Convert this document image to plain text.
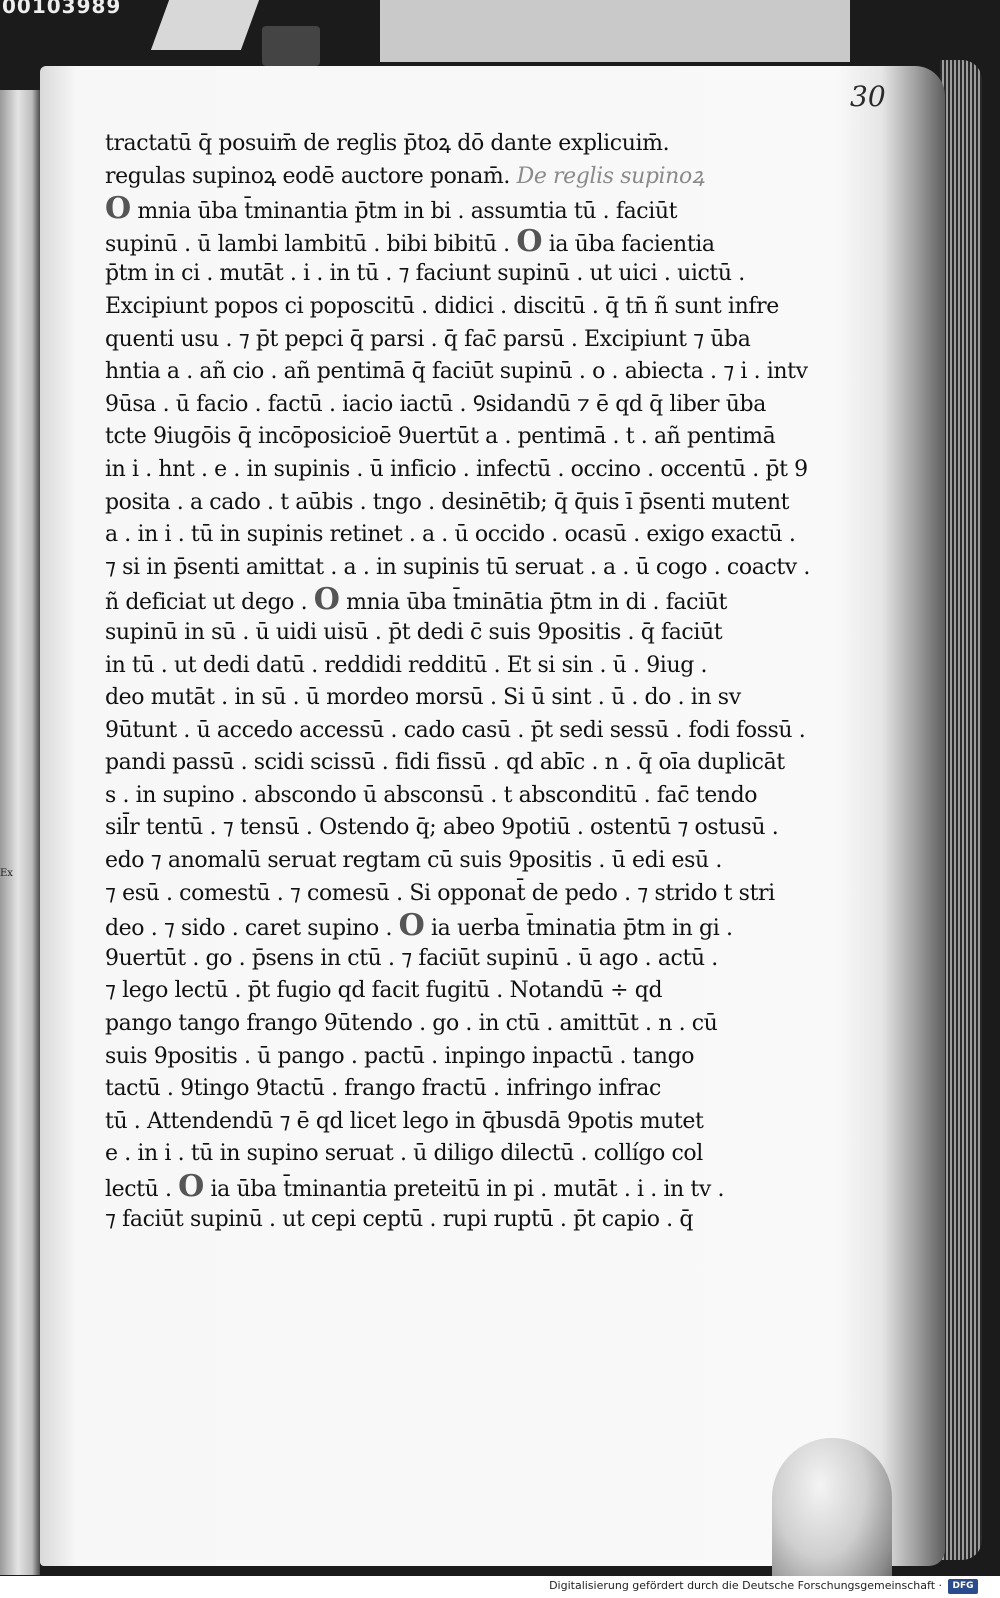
00103989
Ex
30
tractatū q̄ posuim̄ de reglis p̄toꝝ dō dante explicuim̄.
regulas supinoꝝ eodē auctore ponam̄. De reglis supinoꝝ
O mnia ūba t̄minantia p̄tm in bi . assumtia tū . faciūt
supinū . ū lambi lambitū . bibi bibitū . O ia ūba facientia
p̄tm in ci . mutāt . i . in tū . ⁊ faciunt supinū . ut uici . uictū .
Excipiunt popos ci poposcitū . didici . discitū . q̄ tn̄ ñ sunt infre
quenti usu . ⁊ p̄t pepci q̄ parsi . q̄ fac̄ parsū . Excipiunt ⁊ ūba
hntia a . añ cio . añ pentimā q̄ faciūt supinū . o . abiecta . ⁊ i . intv
9ūsa . ū facio . factū . iacio iactū . Ꝯsidandū ⁊ ē qd q̄ liber ūba
tcte 9iugōis q̄ incōposicioē 9uertūt a . pentimā . t . añ pentimā
in i . hnt . e . in supinis . ū inficio . infectū . occino . occentū . p̄t 9
posita . a cado . t aūbis . tngo . desinētib; q̄ q̄uis ī p̄senti mutent
a . in i . tū in supinis retinet . a . ū occido . ocasū . exigo exactū .
⁊ si in p̄senti amittat . a . in supinis tū seruat . a . ū cogo . coactv .
ñ deficiat ut dego . O mnia ūba t̄minātia p̄tm in di . faciūt
supinū in sū . ū uidi uisū . p̄t dedi c̄ suis 9positis . q̄ faciūt
in tū . ut dedi datū . reddidi redditū . Et si sin . ū . 9iug .
deo mutāt . in sū . ū mordeo morsū . Si ū sint . ū . do . in sv
9ūtunt . ū accedo accessū . cado casū . p̄t sedi sessū . fodi fossū .
pandi passū . scidi scissū . fidi fissū . qd abīc . n . q̄ oīa duplicāt
s . in supino . abscondo ū absconsū . t absconditū . fac̄ tendo
sil̄r tentū . ⁊ tensū . Ostendo q̄; abeo 9potiū . ostentū ⁊ ostusū .
edo ⁊ anomalū seruat regtam cū suis 9positis . ū edi esū .
⁊ esū . comestū . ⁊ comesū . Si opponat̄ de pedo . ⁊ strido t stri
deo . ⁊ sido . caret supino . O ia uerba t̄minatia p̄tm in gi .
9uertūt . go . p̄sens in ctū . ⁊ faciūt supinū . ū ago . actū .
⁊ lego lectū . p̄t fugio qd facit fugitū . Notandū ÷ qd
pango tango frango 9ūtendo . go . in ctū . amittūt . n . cū
suis 9positis . ū pango . pactū . inpingo inpactū . tango
tactū . 9tingo 9tactū . frango fractū . infringo infrac
tū . Attendendū ⁊ ē qd licet lego in q̄busdā 9potis mutet
e . in i . tū in supino seruat . ū diligo dilectū . collígo col
lectū . O ia ūba t̄minantia preteitū in pi . mutāt . i . in tv .
⁊ faciūt supinū . ut cepi ceptū . rupi ruptū . p̄t capio . q̄
Digitalisierung gefördert durch die Deutsche Forschungsgemeinschaft ·	DFG
